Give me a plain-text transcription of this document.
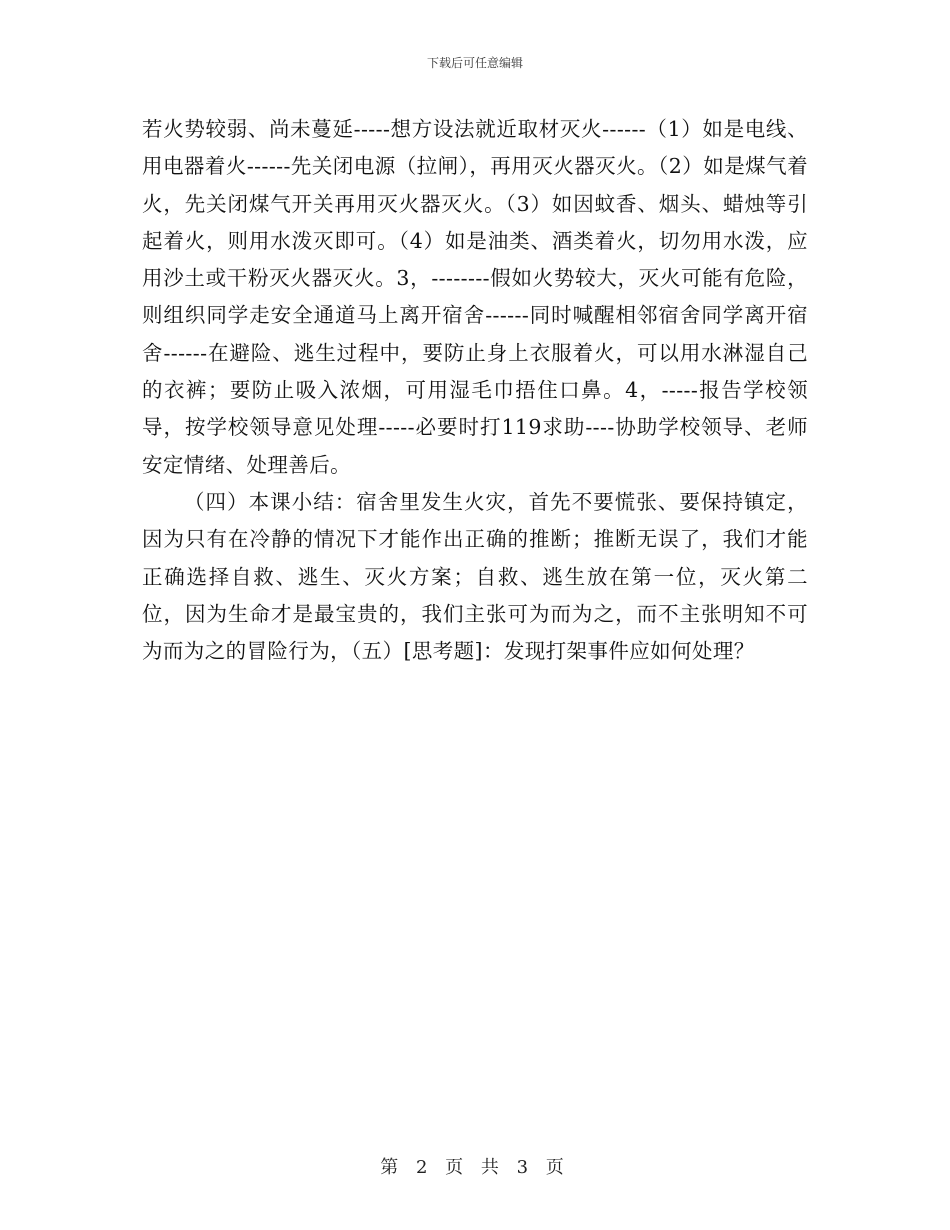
下载后可任意编辑

若火势较弱、尚未蔓延-----想方设法就近取材灭火------（1）如是电线、用电器着火------先关闭电源（拉闸），再用灭火器灭火。（2）如是煤气着火，先关闭煤气开关再用灭火器灭火。（3）如因蚊香、烟头、蜡烛等引起着火，则用水泼灭即可。（4）如是油类、酒类着火，切勿用水泼，应用沙土或干粉灭火器灭火。3，--------假如火势较大，灭火可能有危险，则组织同学走安全通道马上离开宿舍------同时喊醒相邻宿舍同学离开宿舍------在避险、逃生过程中，要防止身上衣服着火，可以用水淋湿自己的衣裤；要防止吸入浓烟，可用湿毛巾捂住口鼻。4，-----报告学校领导，按学校领导意见处理-----必要时打119求助----协助学校领导、老师安定情绪、处理善后。

（四）本课小结：宿舍里发生火灾，首先不要慌张、要保持镇定，因为只有在冷静的情况下才能作出正确的推断；推断无误了，我们才能正确选择自救、逃生、灭火方案；自救、逃生放在第一位，灭火第二位，因为生命才是最宝贵的，我们主张可为而为之，而不主张明知不可为而为之的冒险行为，（五）[思考题]：发现打架事件应如何处理？

第 2 页 共 3 页
